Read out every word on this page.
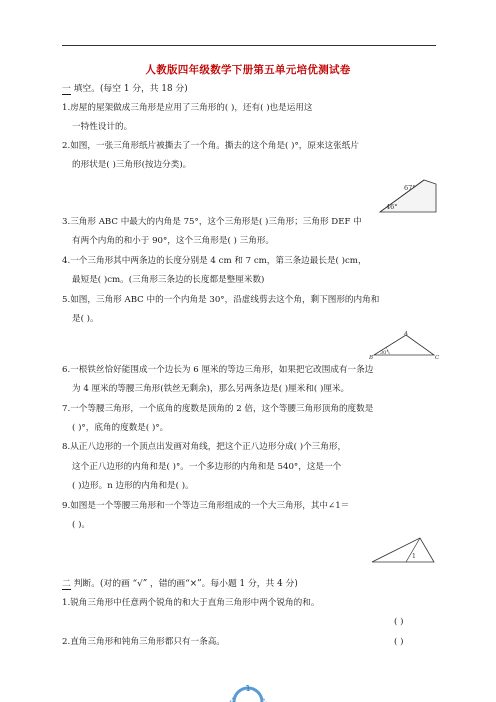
人教版四年级数学下册第五单元培优测试卷
一 填空。(每空 1 分，共 18 分)
1.房屋的屋架做成三角形是应用了三角形的( )，还有( )也是运用这
一特性设计的。
2.如图，一张三角形纸片被撕去了一个角。撕去的这个角是( )°，原来这张纸片
的形状是( )三角形(按边分类)。
67°
46°
3.三角形 ABC 中最大的内角是 75°，这个三角形是( )三角形；三角形 DEF 中
有两个内角的和小于 90°，这个三角形是( ) 三角形。
4.一个三角形其中两条边的长度分别是 4 cm 和 7 cm，第三条边最长是( )cm，
最短是( )cm。(三角形三条边的长度都是整厘米数)
5.如图，三角形 ABC 中的一个内角是 30°，沿虚线剪去这个角，剩下图形的内角和
是( )。
A
B	C
30°
6.一根铁丝恰好能围成一个边长为 6 厘米的等边三角形，如果把它改围成有一条边
为 4 厘米的等腰三角形(铁丝无剩余)，那么另两条边是( )厘米和( )厘米。
7.一个等腰三角形，一个底角的度数是顶角的 2 倍，这个等腰三角形顶角的度数是
( )°，底角的度数是( )°。
8.从正八边形的一个顶点出发画对角线，把这个正八边形分成( )个三角形，
这个正八边形的内角和是( )°。一个多边形的内角和是 540°，这是一个
( )边形。n 边形的内角和是( )。
9.如图是一个等腰三角形和一个等边三角形组成的一个大三角形，其中∠1＝
( )。
1
二 判断。(对的画 “√” ，错的画“×”。每小题 1 分，共 4 分)
1.锐角三角形中任意两个锐角的和大于直角三角形中两个锐角的和。
( )
2.直角三角形和钝角三角形都只有一条高。	( )
1
